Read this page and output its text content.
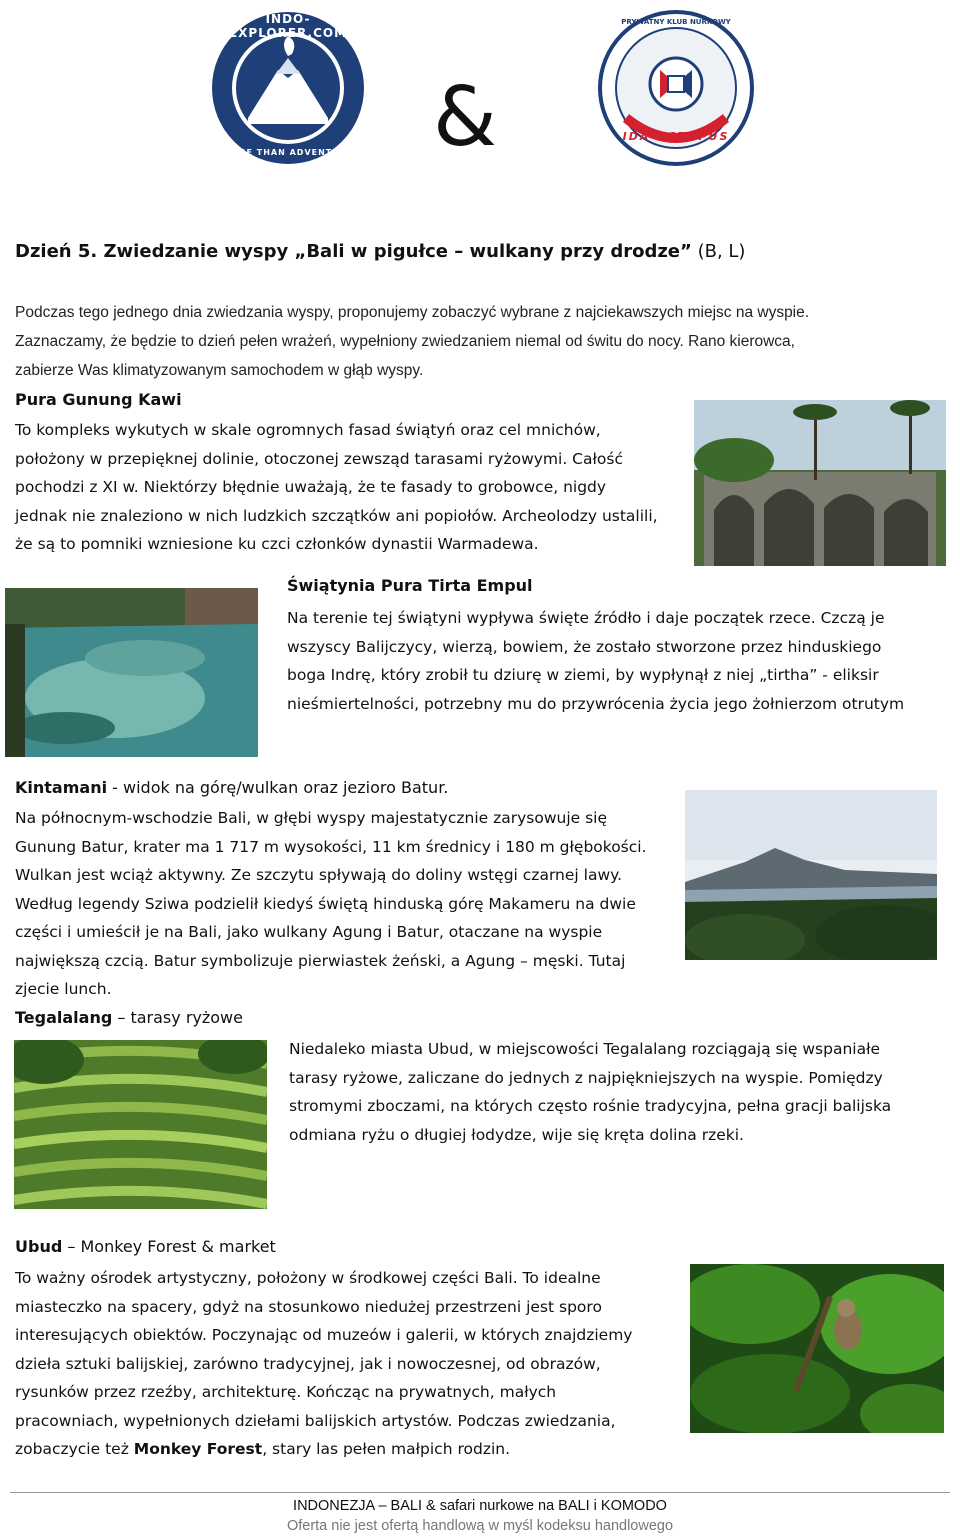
INDO-EXPLORER.COM
MORE THAN ADVENTURE &
PRYWATNY KLUB NURKOWY
IDA OCTOPUS
Dzień 5. Zwiedzanie wyspy „Bali w pigułce – wulkany przy drodze” (B, L)
Podczas tego jednego dnia zwiedzania wyspy, proponujemy zobaczyć wybrane z najciekawszych miejsc na wyspie.
Zaznaczamy, że będzie to dzień pełen wrażeń, wypełniony zwiedzaniem niemal od świtu do nocy. Rano kierowca,
zabierze Was klimatyzowanym samochodem w głąb wyspy.
Pura Gunung Kawi
To kompleks wykutych w skale ogromnych fasad świątyń oraz cel mnichów,
położony w przepięknej dolinie, otoczonej zewsząd tarasami ryżowymi. Całość
pochodzi z XI w. Niektórzy błędnie uważają, że te fasady to grobowce, nigdy
jednak nie znaleziono w nich ludzkich szczątków ani popiołów. Archeolodzy ustalili,
że są to pomniki wzniesione ku czci członków dynastii Warmadewa.
Świątynia Pura Tirta Empul
Na terenie tej świątyni wypływa święte źródło i daje początek rzece. Czczą je
wszyscy Balijczycy, wierzą, bowiem, że zostało stworzone przez hinduskiego
boga Indrę, który zrobił tu dziurę w ziemi, by wypłynął z niej „tirtha” - eliksir
nieśmiertelności, potrzebny mu do przywrócenia życia jego żołnierzom otrutym
Kintamani - widok na górę/wulkan oraz jezioro Batur.
Na północnym-wschodzie Bali, w głębi wyspy majestatycznie zarysowuje się
Gunung Batur, krater ma 1 717 m wysokości, 11 km średnicy i 180 m głębokości.
Wulkan jest wciąż aktywny. Ze szczytu spływają do doliny wstęgi czarnej lawy.
Według legendy Sziwa podzielił kiedyś świętą hinduską górę Makameru na dwie
części i umieścił je na Bali, jako wulkany Agung i Batur, otaczane na wyspie
największą czcią. Batur symbolizuje pierwiastek żeński, a Agung – męski. Tutaj
zjecie lunch.
Tegalalang – tarasy ryżowe
Niedaleko miasta Ubud, w miejscowości Tegalalang rozciągają się wspaniałe
tarasy ryżowe, zaliczane do jednych z najpiękniejszych na wyspie. Pomiędzy
stromymi zboczami, na których często rośnie tradycyjna, pełna gracji balijska
odmiana ryżu o długiej łodydze, wije się kręta dolina rzeki.
Ubud – Monkey Forest & market
To ważny ośrodek artystyczny, położony w środkowej części Bali. To idealne
miasteczko na spacery, gdyż na stosunkowo niedużej przestrzeni jest sporo
interesujących obiektów. Poczynając od muzeów i galerii, w których znajdziemy
dzieła sztuki balijskiej, zarówno tradycyjnej, jak i nowoczesnej, od obrazów,
rysunków przez rzeźby, architekturę. Kończąc na prywatnych, małych
pracowniach, wypełnionych dziełami balijskich artystów. Podczas zwiedzania,
zobaczycie też Monkey Forest, stary las pełen małpich rodzin.
INDONEZJA – BALI & safari nurkowe na BALI i KOMODO
Oferta nie jest ofertą handlową w myśl kodeksu handlowego
